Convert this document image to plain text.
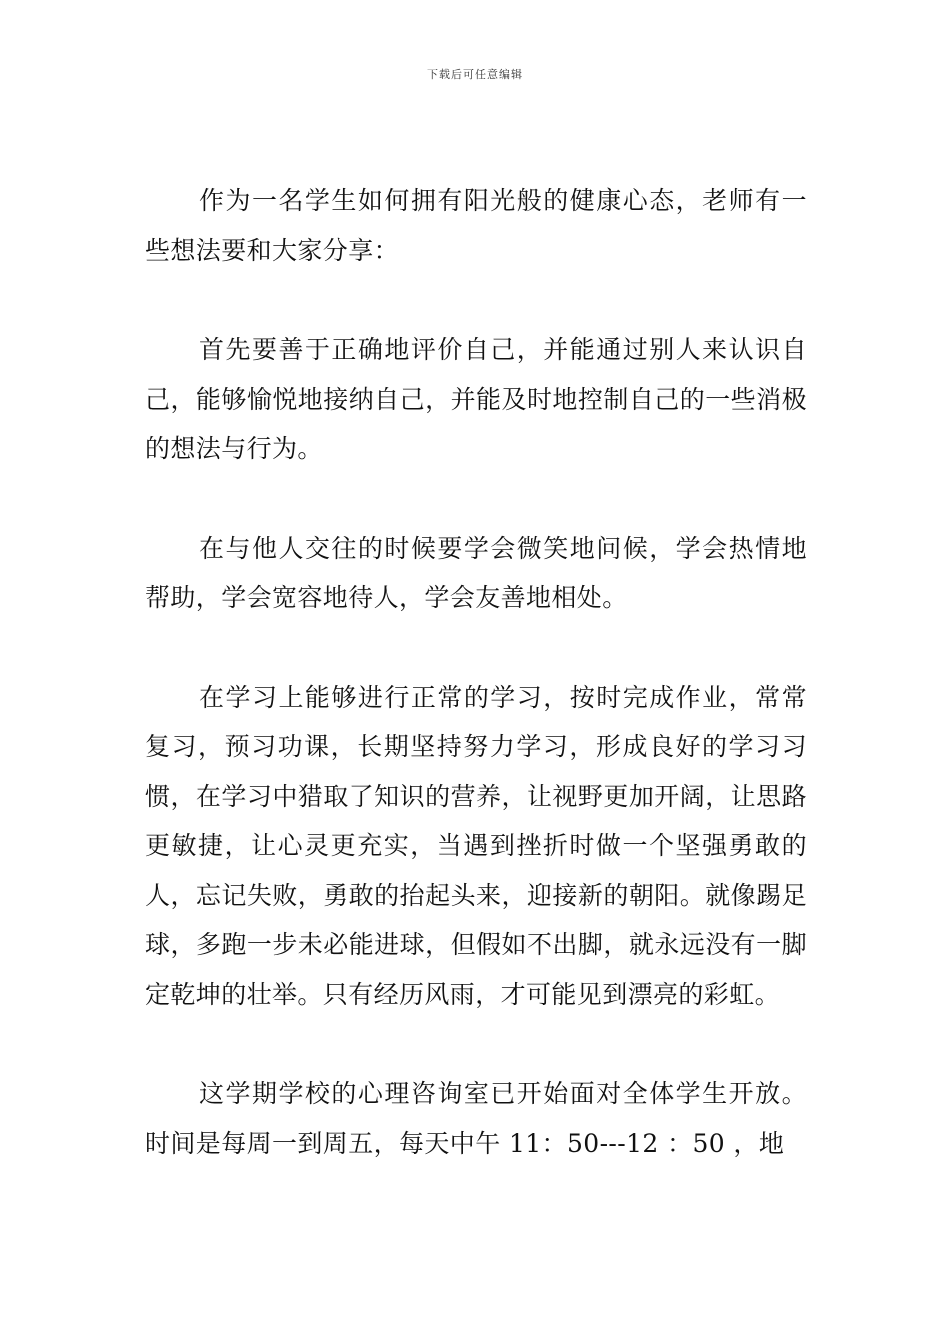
下载后可任意编辑

作为一名学生如何拥有阳光般的健康心态，老师有一些想法要和大家分享：

首先要善于正确地评价自己，并能通过别人来认识自己，能够愉悦地接纳自己，并能及时地控制自己的一些消极的想法与行为。

在与他人交往的时候要学会微笑地问候，学会热情地帮助，学会宽容地待人，学会友善地相处。

在学习上能够进行正常的学习，按时完成作业，常常复习，预习功课，长期坚持努力学习，形成良好的学习习惯，在学习中猎取了知识的营养，让视野更加开阔，让思路更敏捷，让心灵更充实，当遇到挫折时做一个坚强勇敢的人，忘记失败，勇敢的抬起头来，迎接新的朝阳。就像踢足球，多跑一步未必能进球，但假如不出脚，就永远没有一脚定乾坤的壮举。只有经历风雨，才可能见到漂亮的彩虹。

这学期学校的心理咨询室已开始面对全体学生开放。时间是每周一到周五，每天中午 11：50---12 ：50 ，地
